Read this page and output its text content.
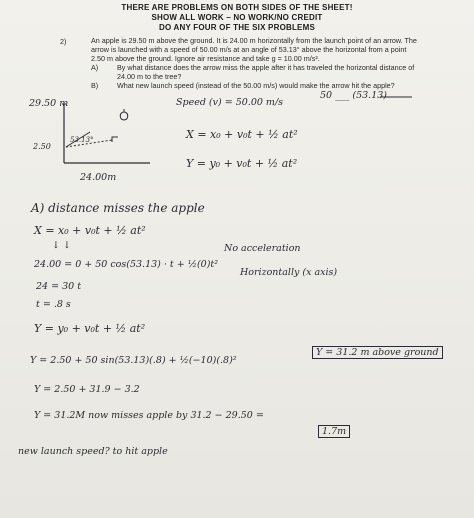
THERE ARE PROBLEMS ON BOTH SIDES OF THE SHEET!
SHOW ALL WORK – NO WORK/NO CREDIT
DO ANY FOUR OF THE SIX PROBLEMS
2)	An apple is 29.50 m above the ground. It is 24.00 m horizontally from the launch point of an arrow. The
arrow is launched with a speed of 50.00 m/s at an angle of 53.13° above the horizontal from a point
2.50 m above the ground. Ignore air resistance and take g = 10.00 m/s².
A)	By what distance does the arrow miss the apple after it has traveled the horizontal distance of
24.00 m to the tree?
B)	What new launch speed (instead of the 50.00 m/s) would make the arrow hit the apple?
29.50 m
2.50
53.13°
24.00m
Speed (v) = 50.00 m/s
50 ___ (53.13)
X = x₀ + v₀t + ½ at²
Y = y₀ + v₀t + ½ at²
A) distance misses the apple
X = x₀ + v₀t + ½ at²
↓ ↓	No acceleration
24.00 = 0 + 50 cos(53.13) · t + ½(0)t²
Horizontally (x axis)
24 = 30 t
t = .8 s
Y = y₀ + v₀t + ½ at²
Y = 31.2 m above ground
Y = 2.50 + 50 sin(53.13)(.8) + ½(−10)(.8)²
Y = 2.50 + 31.9 − 3.2
Y = 31.2M now misses apple by 31.2 − 29.50 =
1.7m
new launch speed? to hit apple
